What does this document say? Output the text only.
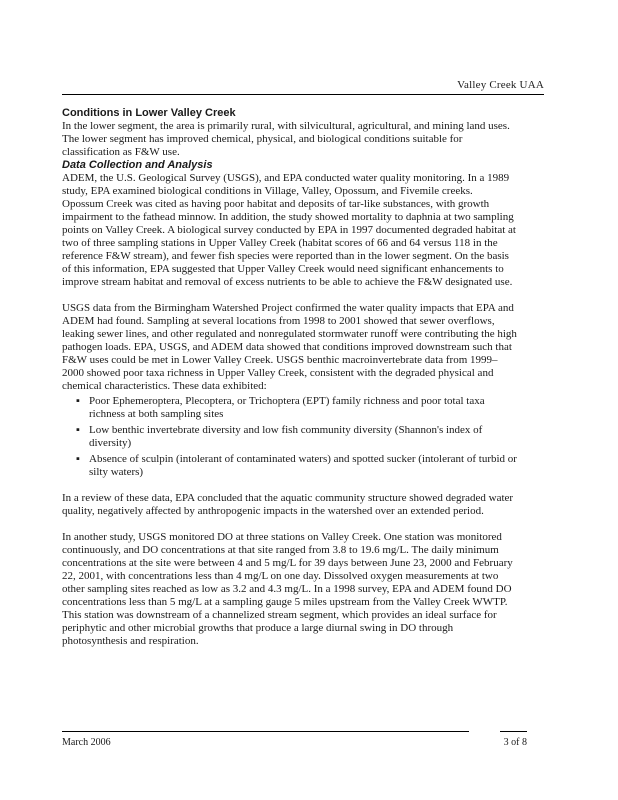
Valley Creek UAA

Conditions in Lower Valley Creek

In the lower segment, the area is primarily rural, with silvicultural, agricultural, and mining land uses. The lower segment has improved chemical, physical, and biological conditions suitable for classification as F&W use.

Data Collection and Analysis

ADEM, the U.S. Geological Survey (USGS), and EPA conducted water quality monitoring. In a 1989 study, EPA examined biological conditions in Village, Valley, Opossum, and Fivemile creeks. Opossum Creek was cited as having poor habitat and deposits of tar-like substances, with growth impairment to the fathead minnow. In addition, the study showed mortality to daphnia at two sampling points on Valley Creek. A biological survey conducted by EPA in 1997 documented degraded habitat at two of three sampling stations in Upper Valley Creek (habitat scores of 66 and 64 versus 118 in the reference F&W stream), and fewer fish species were reported than in the lower segment. On the basis of this information, EPA suggested that Upper Valley Creek would need significant enhancements to improve stream habitat and removal of excess nutrients to be able to achieve the F&W designated use.

USGS data from the Birmingham Watershed Project confirmed the water quality impacts that EPA and ADEM had found. Sampling at several locations from 1998 to 2001 showed that sewer overflows, leaking sewer lines, and other regulated and nonregulated stormwater runoff were contributing the high pathogen loads. EPA, USGS, and ADEM data showed that conditions improved downstream such that F&W uses could be met in Lower Valley Creek. USGS benthic macroinvertebrate data from 1999–2000 showed poor taxa richness in Upper Valley Creek, consistent with the degraded physical and chemical characteristics. These data exhibited:

▪ Poor Ephemeroptera, Plecoptera, or Trichoptera (EPT) family richness and poor total taxa richness at both sampling sites
▪ Low benthic invertebrate diversity and low fish community diversity (Shannon's index of diversity)
▪ Absence of sculpin (intolerant of contaminated waters) and spotted sucker (intolerant of turbid or silty waters)

In a review of these data, EPA concluded that the aquatic community structure showed degraded water quality, negatively affected by anthropogenic impacts in the watershed over an extended period.

In another study, USGS monitored DO at three stations on Valley Creek. One station was monitored continuously, and DO concentrations at that site ranged from 3.8 to 19.6 mg/L. The daily minimum concentrations at the site were between 4 and 5 mg/L for 39 days between June 23, 2000 and February 22, 2001, with concentrations less than 4 mg/L on one day. Dissolved oxygen measurements at two other sampling sites reached as low as 3.2 and 4.3 mg/L. In a 1998 survey, EPA and ADEM found DO concentrations less than 5 mg/L at a sampling gauge 5 miles upstream from the Valley Creek WWTP. This station was downstream of a channelized stream segment, which provides an ideal surface for periphytic and other microbial growths that produce a large diurnal swing in DO through photosynthesis and respiration.

March 2006	3 of 8
